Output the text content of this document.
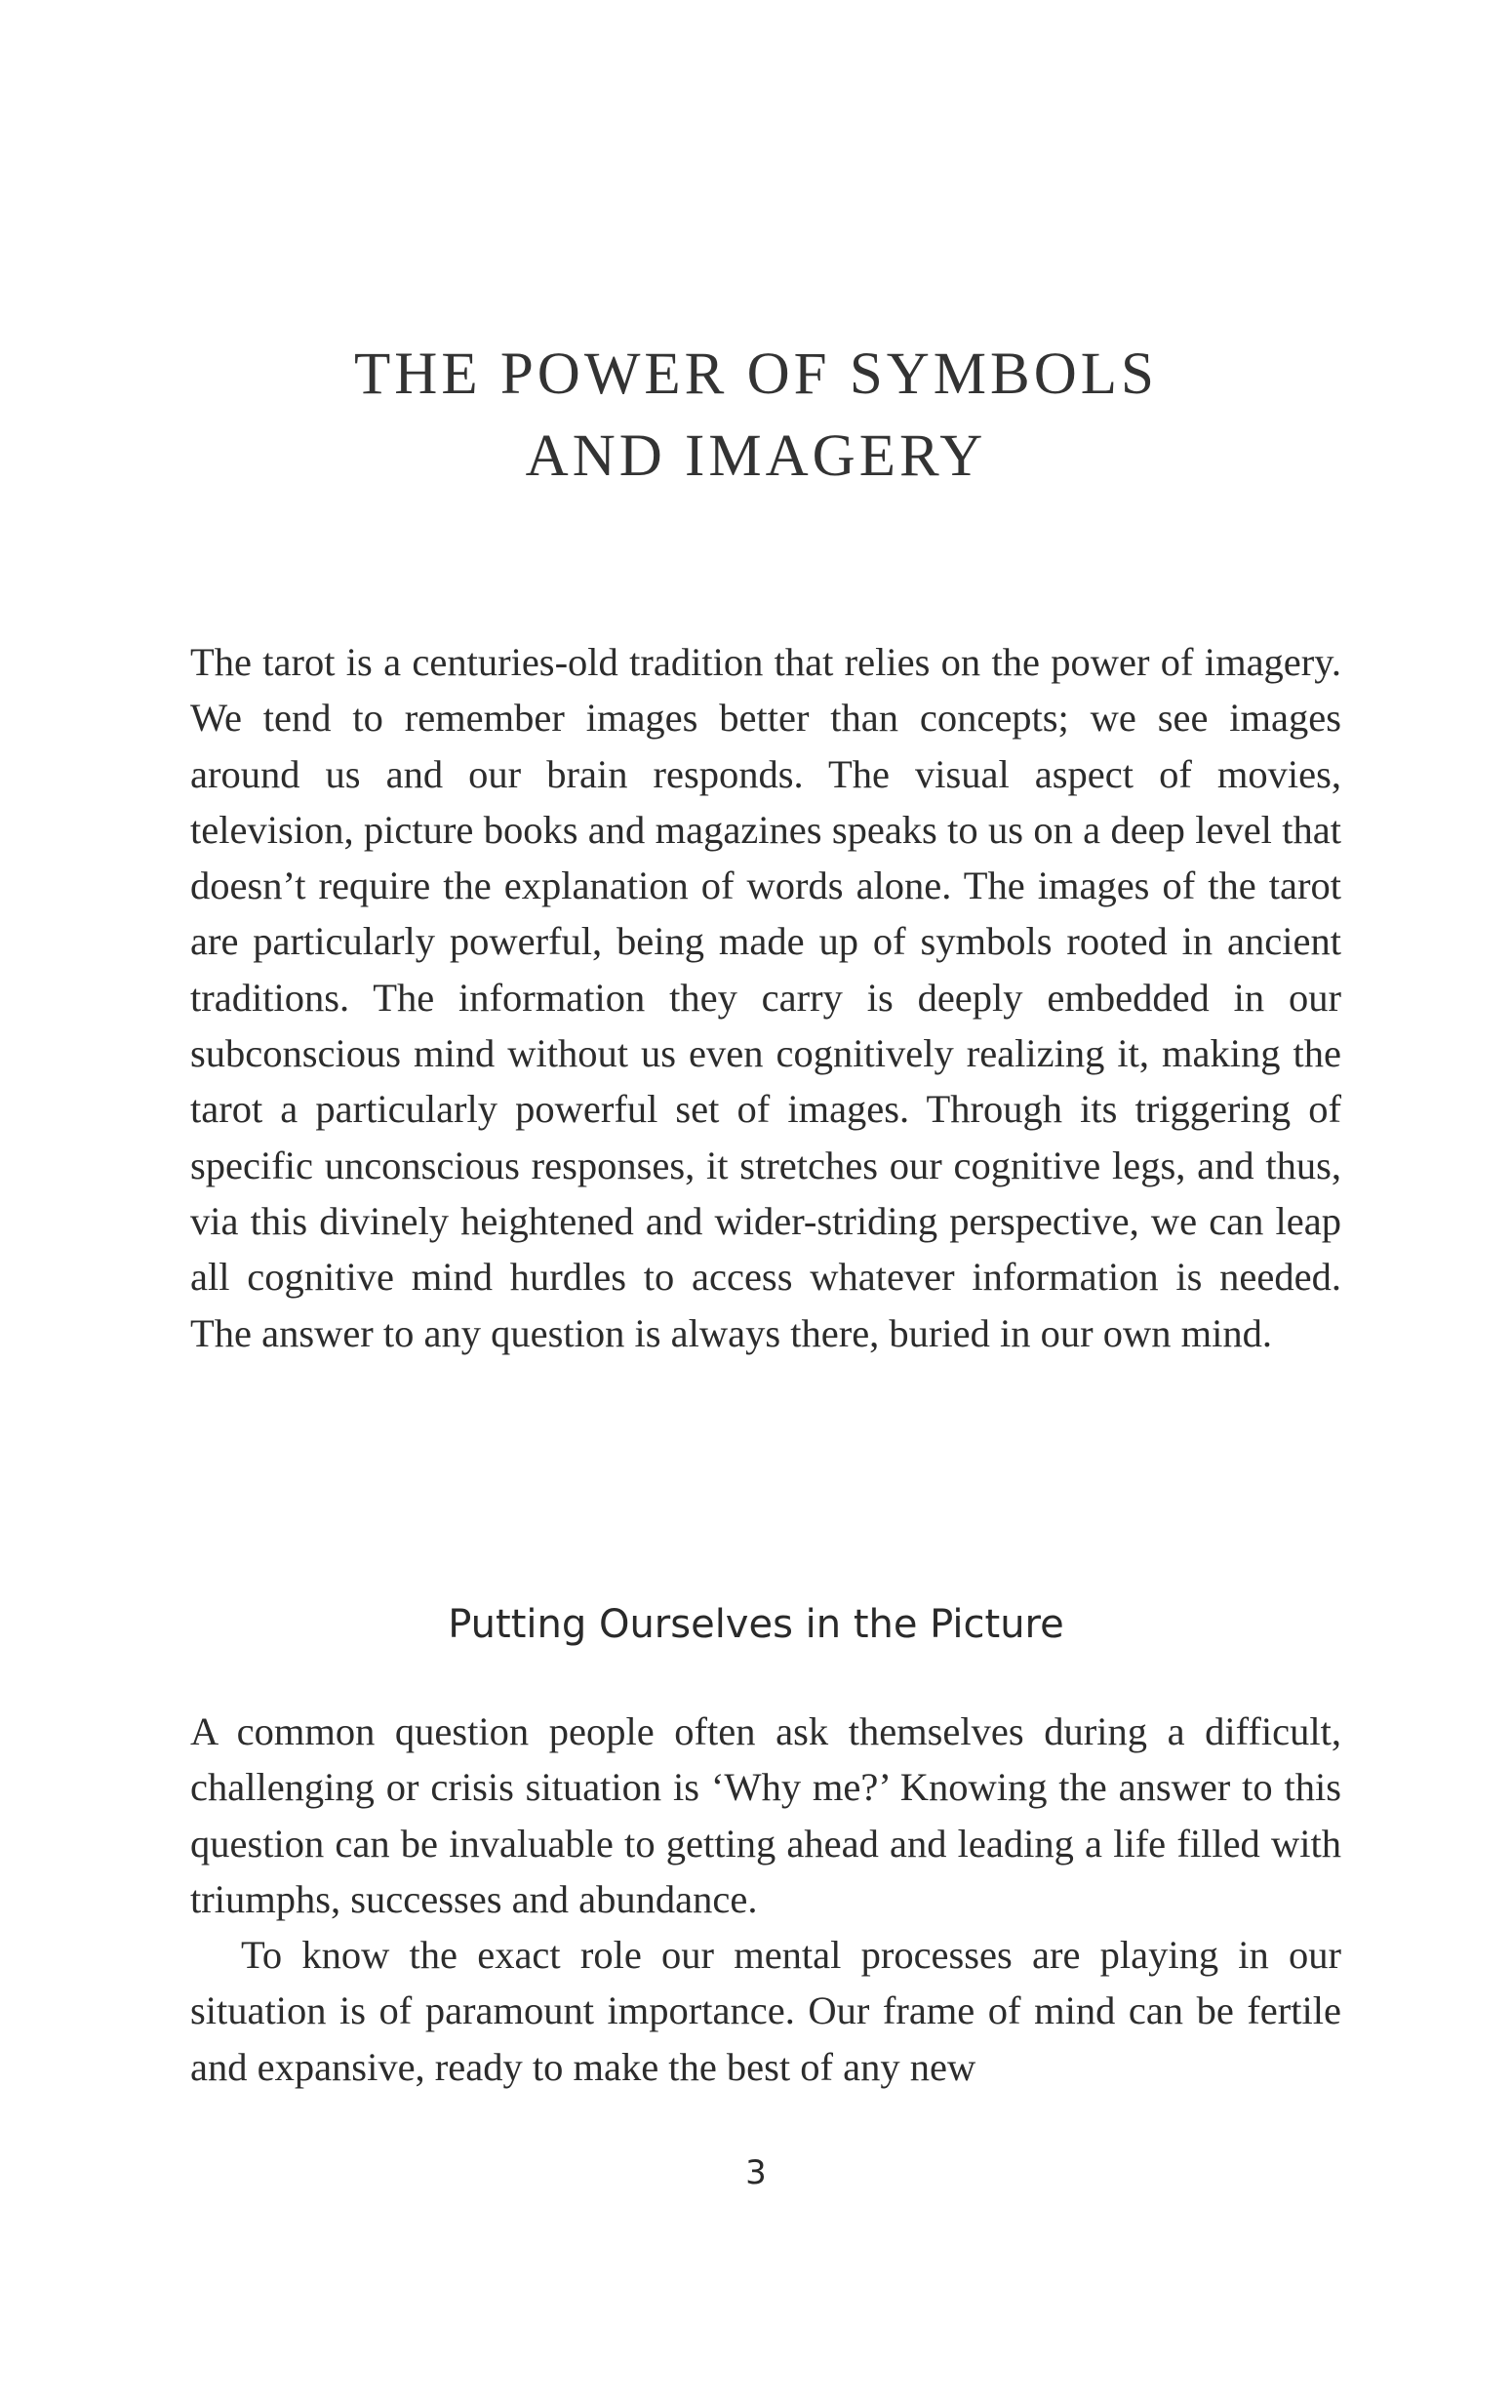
THE POWER OF SYMBOLS
AND IMAGERY

The tarot is a centuries-old tradition that relies on the power of imagery. We tend to remember images better than concepts; we see images around us and our brain responds. The visual aspect of movies, television, picture books and magazines speaks to us on a deep level that doesn’t require the explanation of words alone. The images of the tarot are particularly powerful, being made up of symbols rooted in ancient traditions. The information they carry is deeply embedded in our subconscious mind without us even cognitively realizing it, making the tarot a particularly powerful set of images. Through its triggering of specific unconscious responses, it stretches our cognitive legs, and thus, via this divinely heightened and wider-striding perspective, we can leap all cognitive mind hurdles to access whatever information is needed. The answer to any question is always there, buried in our own mind.

Putting Ourselves in the Picture

A common question people often ask themselves during a difficult, challenging or crisis situation is ‘Why me?’ Knowing the answer to this question can be invaluable to getting ahead and leading a life filled with triumphs, successes and abundance.

To know the exact role our mental processes are playing in our situation is of paramount importance. Our frame of mind can be fertile and expansive, ready to make the best of any new

3
